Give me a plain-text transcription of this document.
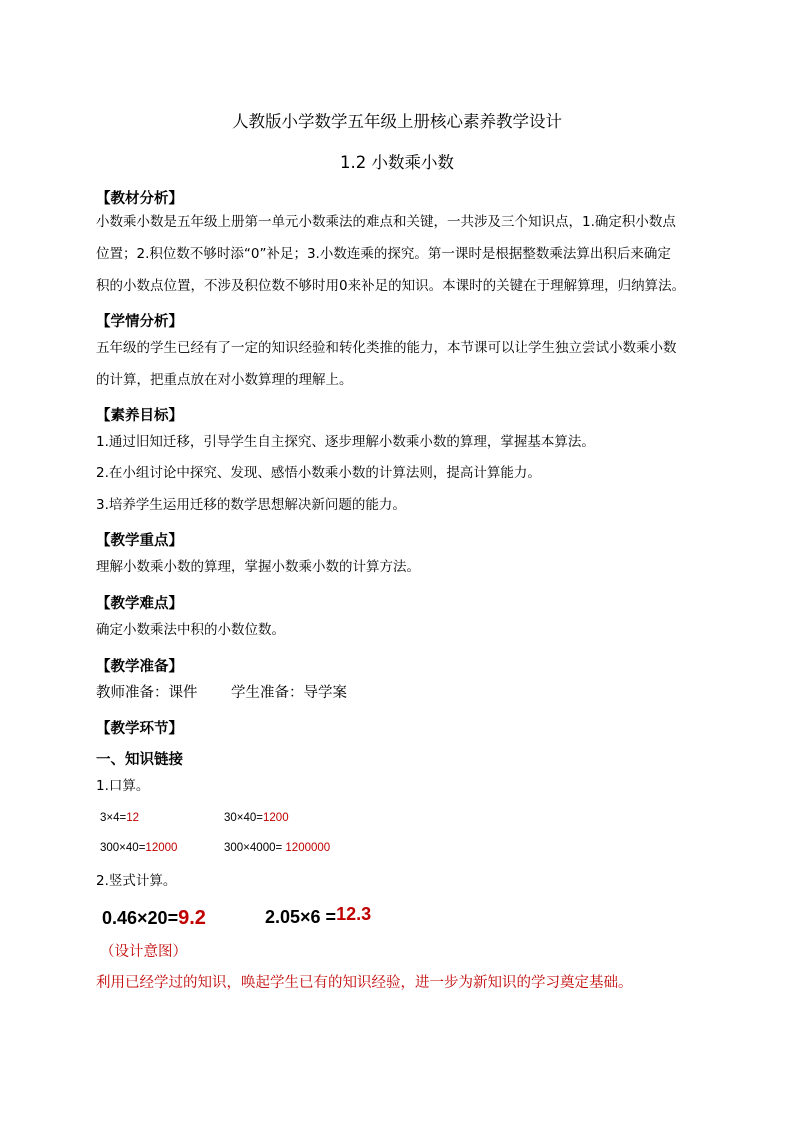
人教版小学数学五年级上册核心素养教学设计
1.2 小数乘小数
【教材分析】
小数乘小数是五年级上册第一单元小数乘法的难点和关键，一共涉及三个知识点，1.确定积小数点
位置；2.积位数不够时添“0”补足；3.小数连乘的探究。第一课时是根据整数乘法算出积后来确定
积的小数点位置，不涉及积位数不够时用0来补足的知识。本课时的关键在于理解算理，归纳算法。
【学情分析】
五年级的学生已经有了一定的知识经验和转化类推的能力，本节课可以让学生独立尝试小数乘小数
的计算，把重点放在对小数算理的理解上。
【素养目标】
1.通过旧知迁移，引导学生自主探究、逐步理解小数乘小数的算理，掌握基本算法。
2.在小组讨论中探究、发现、感悟小数乘小数的计算法则，提高计算能力。
3.培养学生运用迁移的数学思想解决新问题的能力。
【教学重点】
理解小数乘小数的算理，掌握小数乘小数的计算方法。
【教学难点】
确定小数乘法中积的小数位数。
【教学准备】
教师准备：课件 学生准备：导学案
【教学环节】
一、知识链接
1.口算。
3×4=12	30×40=1200
300×40=12000	300×4000= 1200000
2.竖式计算。
0.46×20=9.2	2.05×6 =12.3
（设计意图）
利用已经学过的知识，唤起学生已有的知识经验，进一步为新知识的学习奠定基础。
